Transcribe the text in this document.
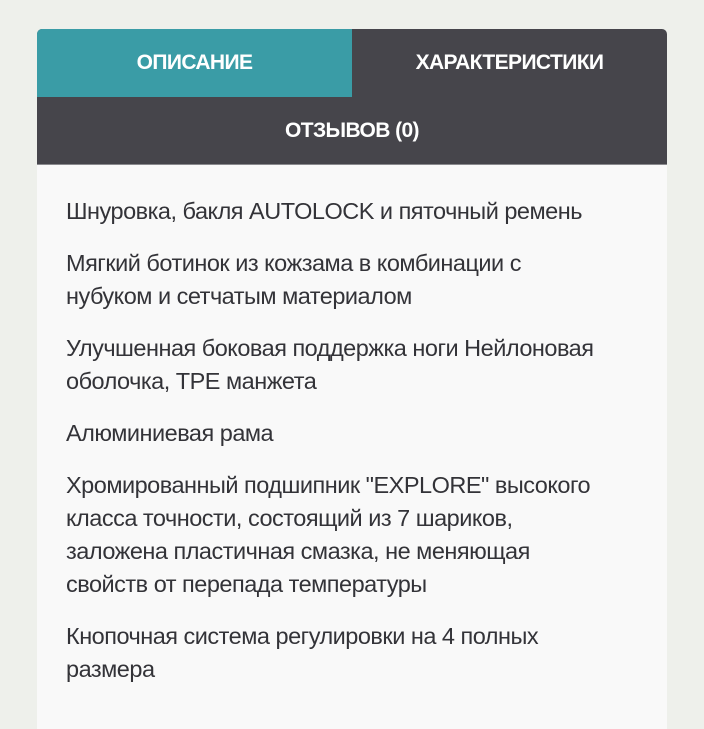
ОПИСАНИЕ	ХАРАКТЕРИСТИКИ
ОТЗЫВОВ (0)

Шнуровка, бакля AUTOLOCK и пяточный ремень

Мягкий ботинок из кожзама в комбинации с
нубуком и сетчатым материалом

Улучшенная боковая поддержка ноги Нейлоновая
оболочка, TPE манжета

Алюминиевая рама

Хромированный подшипник "EXPLORE" высокого
класса точности, состоящий из 7 шариков,
заложена пластичная смазка, не меняющая
свойств от перепада температуры

Кнопочная система регулировки на 4 полных
размера
